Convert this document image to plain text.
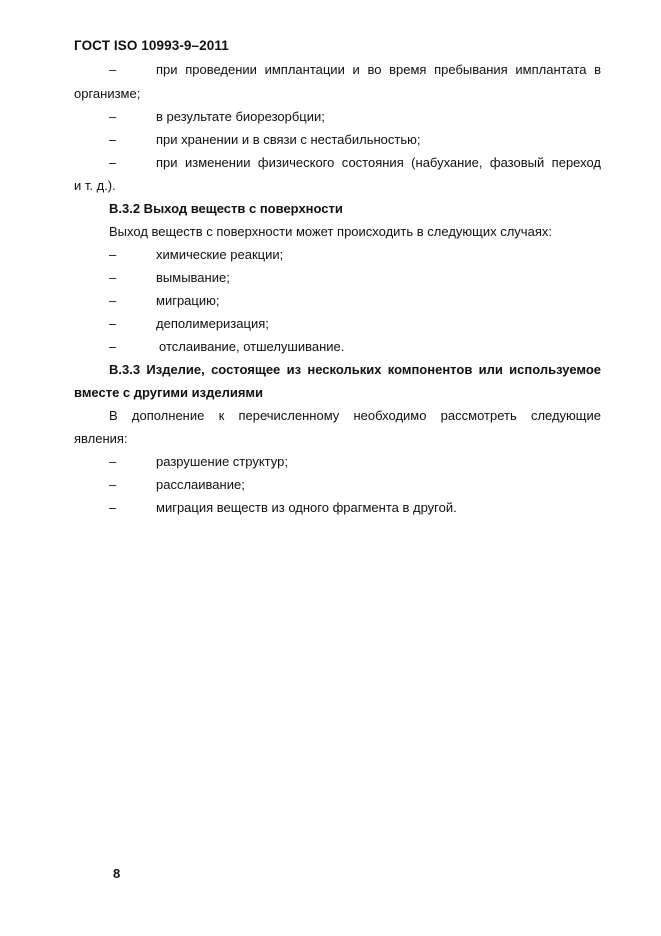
ГОСТ ISO 10993-9–2011
–	при проведении имплантации и во время пребывания имплантата в
организме;
–	в результате биорезорбции;
–	при хранении и в связи с нестабильностью;
–	при изменении физического состояния (набухание, фазовый переход
и т. д.).
В.3.2 Выход веществ с поверхности
Выход веществ с поверхности может происходить в следующих случаях:
–	химические реакции;
–	вымывание;
–	миграцию;
–	деполимеризация;
–	отслаивание, отшелушивание.
В.3.3 Изделие, состоящее из нескольких компонентов или используемое
вместе с другими изделиями
В дополнение к перечисленному необходимо рассмотреть следующие
явления:
–	разрушение структур;
–	расслаивание;
–	миграция веществ из одного фрагмента в другой.
8
